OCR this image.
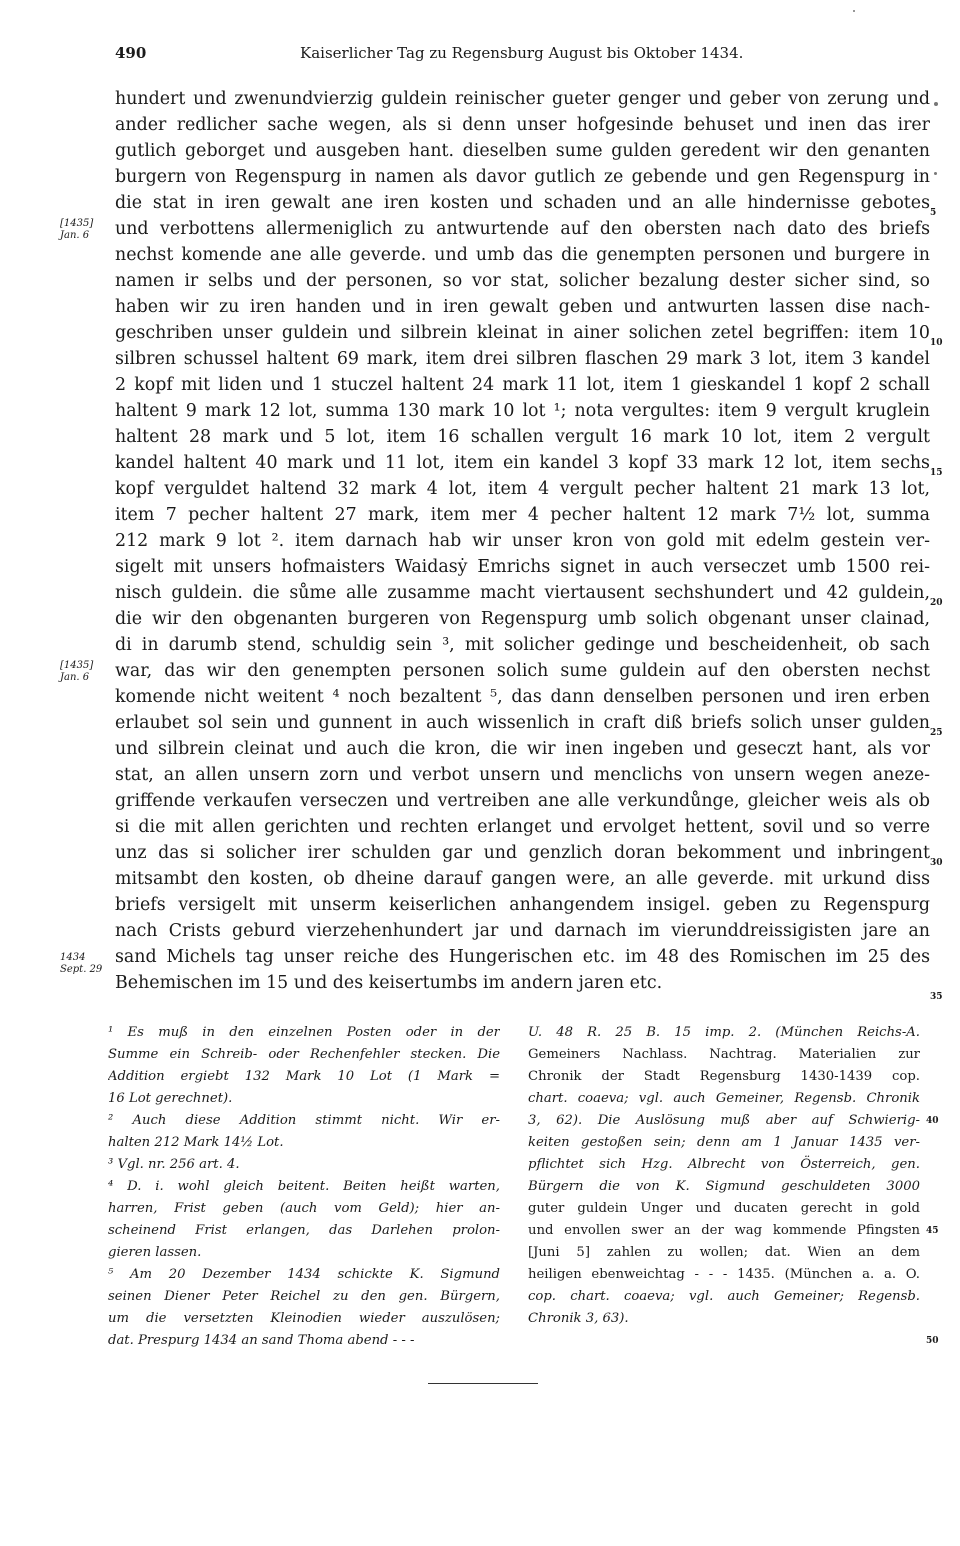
490	Kaiserlicher Tag zu Regensburg August bis Oktober 1434.
hundert und zwenundvierzig guldein reinischer gueter genger und geber von zerung und
ander redlicher sache wegen, als si denn unser hofgesinde behuset und inen das irer
gutlich geborget und ausgeben hant. dieselben sume gulden geredent wir den genanten
burgern von Regenspurg in namen als davor gutlich ze gebende und gen Regenspurg in
die stat in iren gewalt ane iren kosten und schaden und an alle hindernisse gebotes
und verbottens allermeniglich zu antwurtende auf den obersten nach dato des briefs
nechst komende ane alle geverde. und umb das die genempten personen und burgere in
namen ir selbs und der personen, so vor stat, solicher bezalung dester sicher sind, so
haben wir zu iren handen und in iren gewalt geben und antwurten lassen dise nach-
geschriben unser guldein und silbrein kleinat in ainer solichen zetel begriffen: item 10
silbren schussel haltent 69 mark, item drei silbren flaschen 29 mark 3 lot, item 3 kandel
2 kopf mit liden und 1 stuczel haltent 24 mark 11 lot, item 1 gieskandel 1 kopf 2 schall
haltent 9 mark 12 lot, summa 130 mark 10 lot ¹; nota vergultes: item 9 vergult kruglein
haltent 28 mark und 5 lot, item 16 schallen vergult 16 mark 10 lot, item 2 vergult
kandel haltent 40 mark und 11 lot, item ein kandel 3 kopf 33 mark 12 lot, item sechs
kopf verguldet haltend 32 mark 4 lot, item 4 vergult pecher haltent 21 mark 13 lot,
item 7 pecher haltent 27 mark, item mer 4 pecher haltent 12 mark 7½ lot, summa
212 mark 9 lot ². item darnach hab wir unser kron von gold mit edelm gestein ver-
sigelt mit unsers hofmaisters Waidasẏ Emrichs signet in auch verseczet umb 1500 rei-
nisch guldein. die sůme alle zusamme macht viertausent sechshundert und 42 guldein,
die wir den obgenanten burgeren von Regenspurg umb solich obgenant unser clainad,
di in darumb stend, schuldig sein ³, mit solicher gedinge und bescheidenheit, ob sach
war, das wir den genempten personen solich sume guldein auf den obersten nechst
komende nicht weitent ⁴ noch bezaltent ⁵, das dann denselben personen und iren erben
erlaubet sol sein und gunnent in auch wissenlich in craft diß briefs solich unser gulden
und silbrein cleinat und auch die kron, die wir inen ingeben und geseczt hant, als vor
stat, an allen unsern zorn und verbot unsern und menclichs von unsern wegen aneze-
griffende verkaufen verseczen und vertreiben ane alle verkundůnge, gleicher weis als ob
si die mit allen gerichten und rechten erlanget und ervolget hettent, sovil und so verre
unz das si solicher irer schulden gar und genzlich doran bekomment und inbringent
mitsambt den kosten, ob dheine darauf gangen were, an alle geverde. mit urkund diss
briefs versigelt mit unserm keiserlichen anhangendem insigel. geben zu Regenspurg
nach Crists geburd vierzehenhundert jar und darnach im vierunddreissigisten jare an
sand Michels tag unser reiche des Hungerischen etc. im 48 des Romischen im 25 des
Behemischen im 15 und des keisertumbs im andern jaren etc.
5
10
15
20
25
30
35
[1435]
Jan. 6
[1435]
Jan. 6
1434
Sept. 29
¹ Es muß in den einzelnen Posten oder in der
Summe ein Schreib- oder Rechenfehler stecken. Die
Addition ergiebt 132 Mark 10 Lot (1 Mark =
16 Lot gerechnet).
² Auch diese Addition stimmt nicht. Wir er-
halten 212 Mark 14½ Lot.
³ Vgl. nr. 256 art. 4.
⁴ D. i. wohl gleich beitent. Beiten heißt warten,
harren, Frist geben (auch vom Geld); hier an-
scheinend Frist erlangen, das Darlehen prolon-
gieren lassen.
⁵ Am 20 Dezember 1434 schickte K. Sigmund
seinen Diener Peter Reichel zu den gen. Bürgern,
um die versetzten Kleinodien wieder auszulösen;
dat. Prespurg 1434 an sand Thoma abend - - -
U. 48 R. 25 B. 15 imp. 2. (München Reichs-A.
Gemeiners Nachlass. Nachtrag. Materialien zur
Chronik der Stadt Regensburg 1430-1439 cop.
chart. coaeva; vgl. auch Gemeiner, Regensb. Chronik
3, 62). Die Auslösung muß aber auf Schwierig-
keiten gestoßen sein; denn am 1 Januar 1435 ver-
pflichtet sich Hzg. Albrecht von Österreich, gen.
Bürgern die von K. Sigmund geschuldeten 3000
guter guldein Unger und ducaten gerecht in gold
und envollen swer an der wag kommende Pfingsten
[Juni 5] zahlen zu wollen; dat. Wien an dem
heiligen ebenweichtag - - - 1435. (München a. a. O.
cop. chart. coaeva; vgl. auch Gemeiner; Regensb.
Chronik 3, 63).
40
45
50
